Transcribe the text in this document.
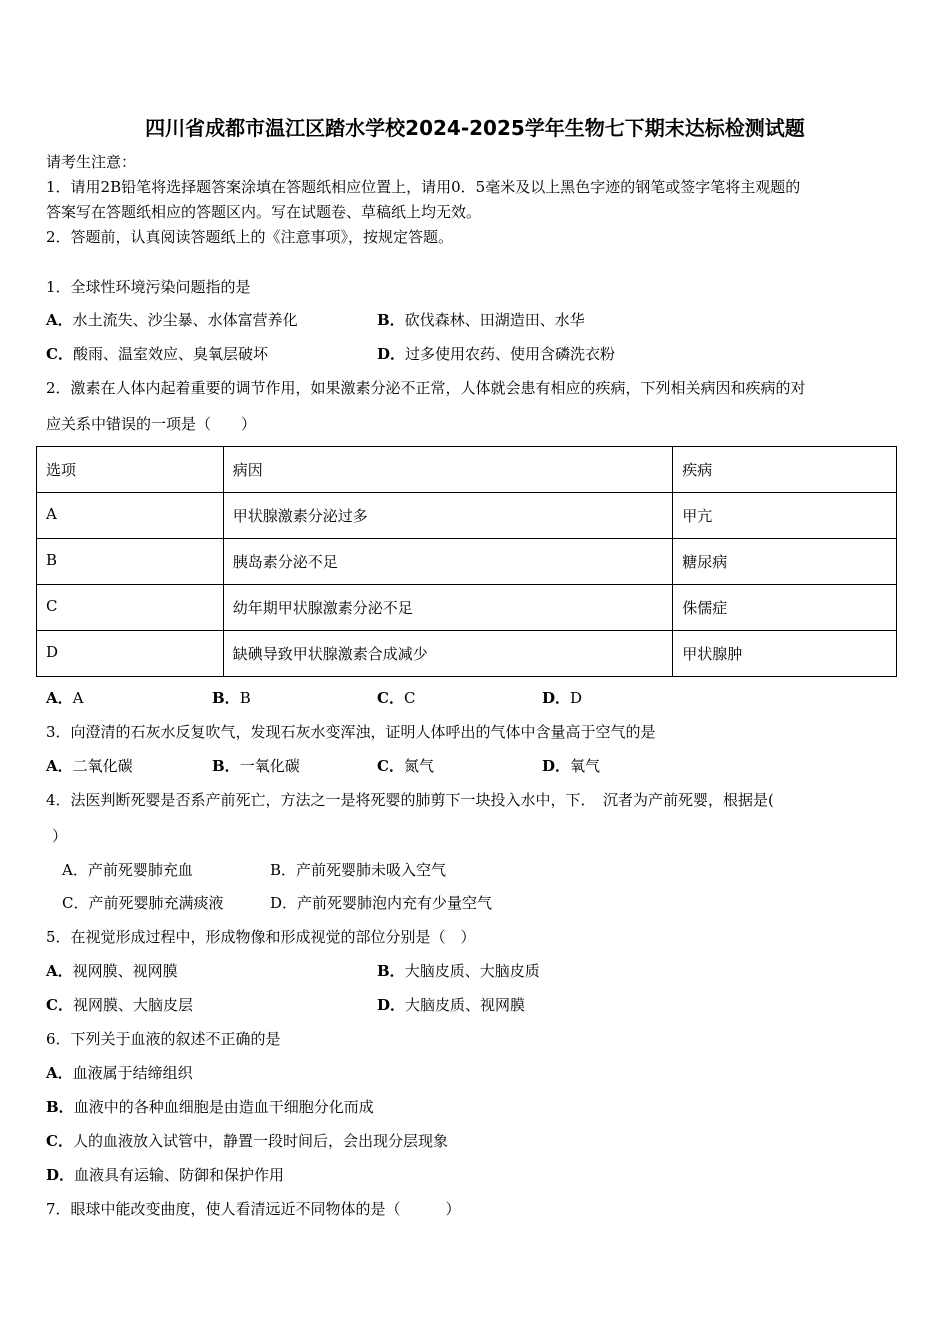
四川省成都市温江区踏水学校2024-2025学年生物七下期末达标检测试题
请考生注意：
1．请用2B铅笔将选择题答案涂填在答题纸相应位置上，请用0．5毫米及以上黑色字迹的钢笔或签字笔将主观题的
答案写在答题纸相应的答题区内。写在试题卷、草稿纸上均无效。
2．答题前，认真阅读答题纸上的《注意事项》，按规定答题。
1．全球性环境污染问题指的是
A．水土流失、沙尘暴、水体富营养化	B．砍伐森林、田湖造田、水华
C．酸雨、温室效应、臭氧层破坏	D．过多使用农药、使用含磷洗衣粉
2．激素在人体内起着重要的调节作用，如果激素分泌不正常，人体就会患有相应的疾病，下列相关病因和疾病的对
应关系中错误的一项是（　　）
选项	病因	疾病
A	甲状腺激素分泌过多	甲亢
B	胰岛素分泌不足	糖尿病
C	幼年期甲状腺激素分泌不足	侏儒症
D	缺碘导致甲状腺激素合成减少	甲状腺肿
A．A	B．B	C．C	D．D
3．向澄清的石灰水反复吹气，发现石灰水变浑浊，证明人体呼出的气体中含量高于空气的是
A．二氧化碳	B．一氧化碳	C．氮气	D．氧气
4．法医判断死婴是否系产前死亡，方法之一是将死婴的肺剪下一块投入水中，下．　沉者为产前死婴，根据是(
）
A．产前死婴肺充血	B．产前死婴肺未吸入空气
C．产前死婴肺充满痰液	D．产前死婴肺泡内充有少量空气
5．在视觉形成过程中，形成物像和形成视觉的部位分别是（　）
A．视网膜、视网膜	B．大脑皮质、大脑皮质
C．视网膜、大脑皮层	D．大脑皮质、视网膜
6．下列关于血液的叙述不正确的是
A．血液属于结缔组织
B．血液中的各种血细胞是由造血干细胞分化而成
C．人的血液放入试管中，静置一段时间后，会出现分层现象
D．血液具有运输、防御和保护作用
7．眼球中能改变曲度，使人看清远近不同物体的是（　　　）
